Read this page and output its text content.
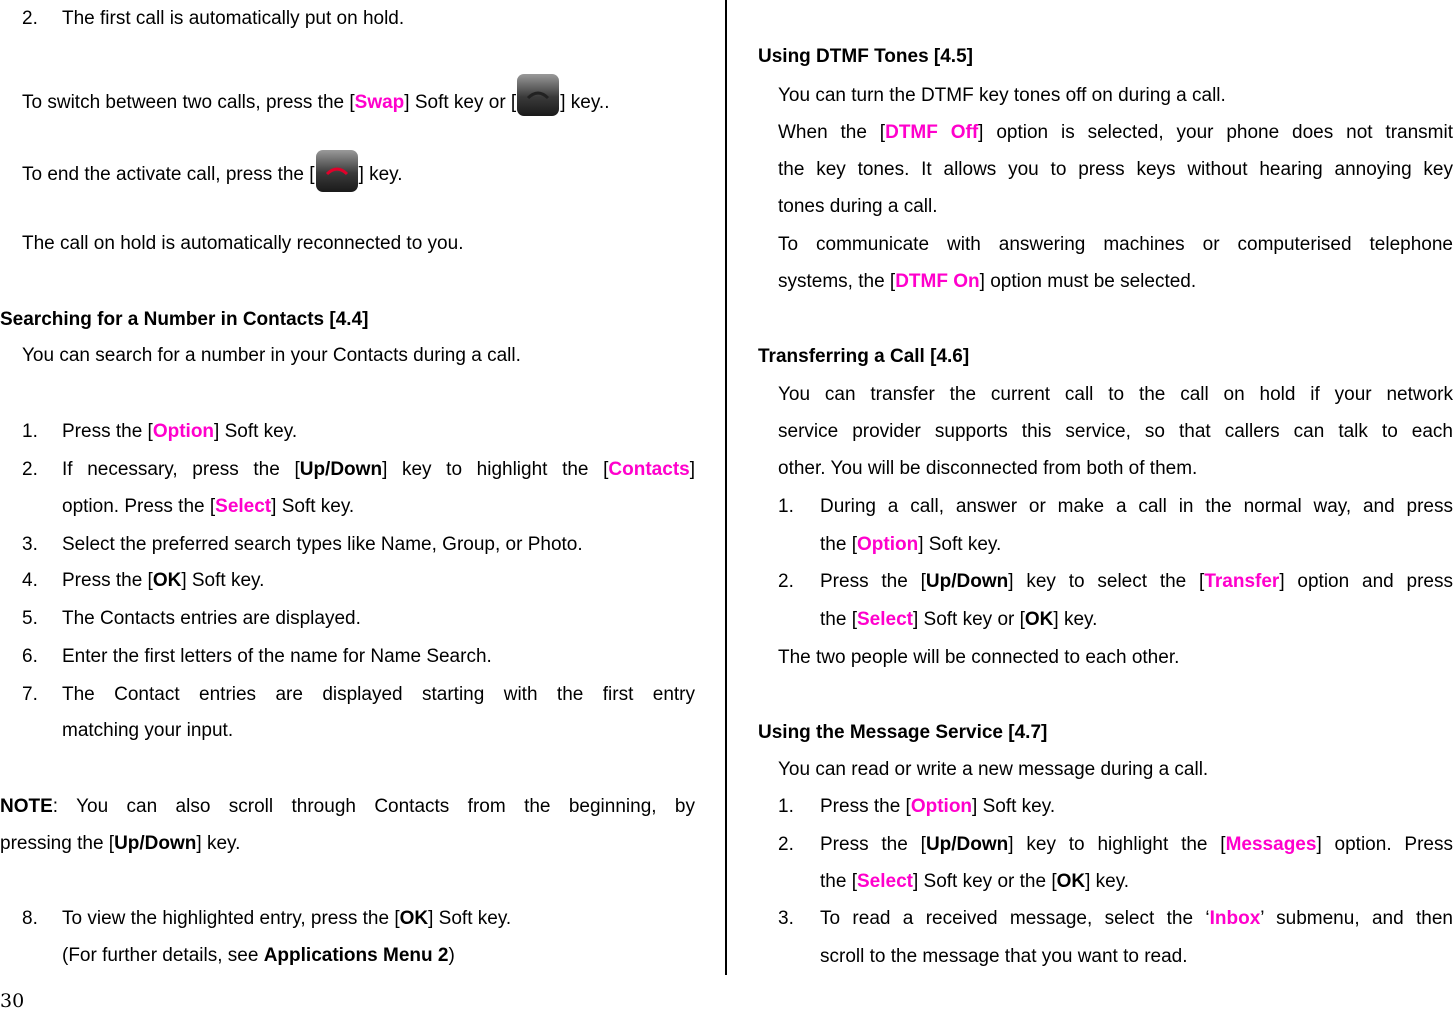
2. The first call is automatically put on hold.
To switch between two calls, press the [Swap] Soft key or [ ] key..
To end the activate call, press the [ ] key.
The call on hold is automatically reconnected to you.
Searching for a Number in Contacts [4.4]
You can search for a number in your Contacts during a call.
1. Press the [Option] Soft key.
2. If necessary, press the [Up/Down] key to highlight the [Contacts]
option. Press the [Select] Soft key.
3. Select the preferred search types like Name, Group, or Photo.
4. Press the [OK] Soft key.
5. The Contacts entries are displayed.
6. Enter the first letters of the name for Name Search.
7. The Contact entries are displayed starting with the first entry
matching your input.
NOTE: You can also scroll through Contacts from the beginning, by
pressing the [Up/Down] key.
8. To view the highlighted entry, press the [OK] Soft key.
(For further details, see Applications Menu 2)
Using DTMF Tones [4.5]
You can turn the DTMF key tones off on during a call.
When the [DTMF Off] option is selected, your phone does not transmit
the key tones. It allows you to press keys without hearing annoying key
tones during a call.
To communicate with answering machines or computerised telephone
systems, the [DTMF On] option must be selected.
Transferring a Call [4.6]
You can transfer the current call to the call on hold if your network
service provider supports this service, so that callers can talk to each
other. You will be disconnected from both of them.
1. During a call, answer or make a call in the normal way, and press
the [Option] Soft key.
2. Press the [Up/Down] key to select the [Transfer] option and press
the [Select] Soft key or [OK] key.
The two people will be connected to each other.
Using the Message Service [4.7]
You can read or write a new message during a call.
1. Press the [Option] Soft key.
2. Press the [Up/Down] key to highlight the [Messages] option. Press
the [Select] Soft key or the [OK] key.
3. To read a received message, select the ‘Inbox’ submenu, and then
scroll to the message that you want to read.
30
